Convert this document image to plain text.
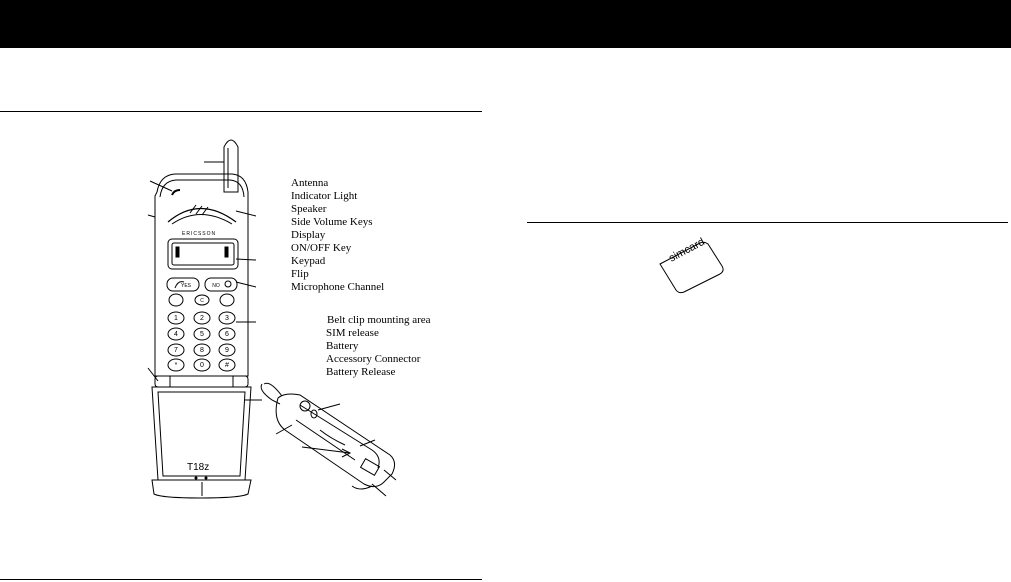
1	2	3
4	5	6
7	8	9
*	0	#
YES	NO
C
ERICSSON
T18z
simcard
Antenna
Indicator Light
Speaker
Side Volume Keys
Display
ON/OFF Key
Keypad
Flip
Microphone Channel
Belt clip mounting area
SIM release
Battery
Accessory Connector
Battery Release
